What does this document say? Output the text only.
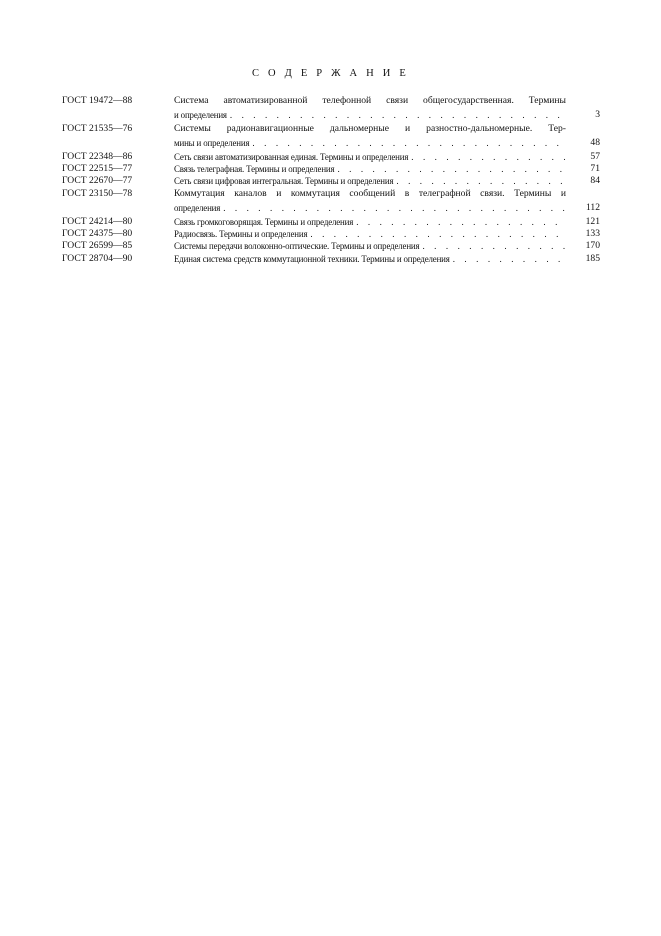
С О Д Е Р Ж А Н И Е
ГОСТ 19472—88	Система автоматизированной телефонной связи общегосударственная. Термины
и определения . . .	3
ГОСТ 21535—76	Системы радионавигационные дальномерные и разностно-дальномерные. Тер-
мины и определения . . .	48
ГОСТ 22348—86	Сеть связи автоматизированная единая. Термины и определения . . .	57
ГОСТ 22515—77	Связь телеграфная. Термины и определения . . .	71
ГОСТ 22670—77	Сеть связи цифровая интегральная. Термины и определения . . .	84
ГОСТ 23150—78	Коммутация каналов и коммутация сообщений в телеграфной связи. Термины и
определения . . .	112
ГОСТ 24214—80	Связь громкоговорящая. Термины и определения . . .	121
ГОСТ 24375—80	Радиосвязь. Термины и определения . . .	133
ГОСТ 26599—85	Системы передачи волоконно-оптические. Термины и определения . . .	170
ГОСТ 28704—90	Единая система средств коммутационной техники. Термины и определения . . .	185
